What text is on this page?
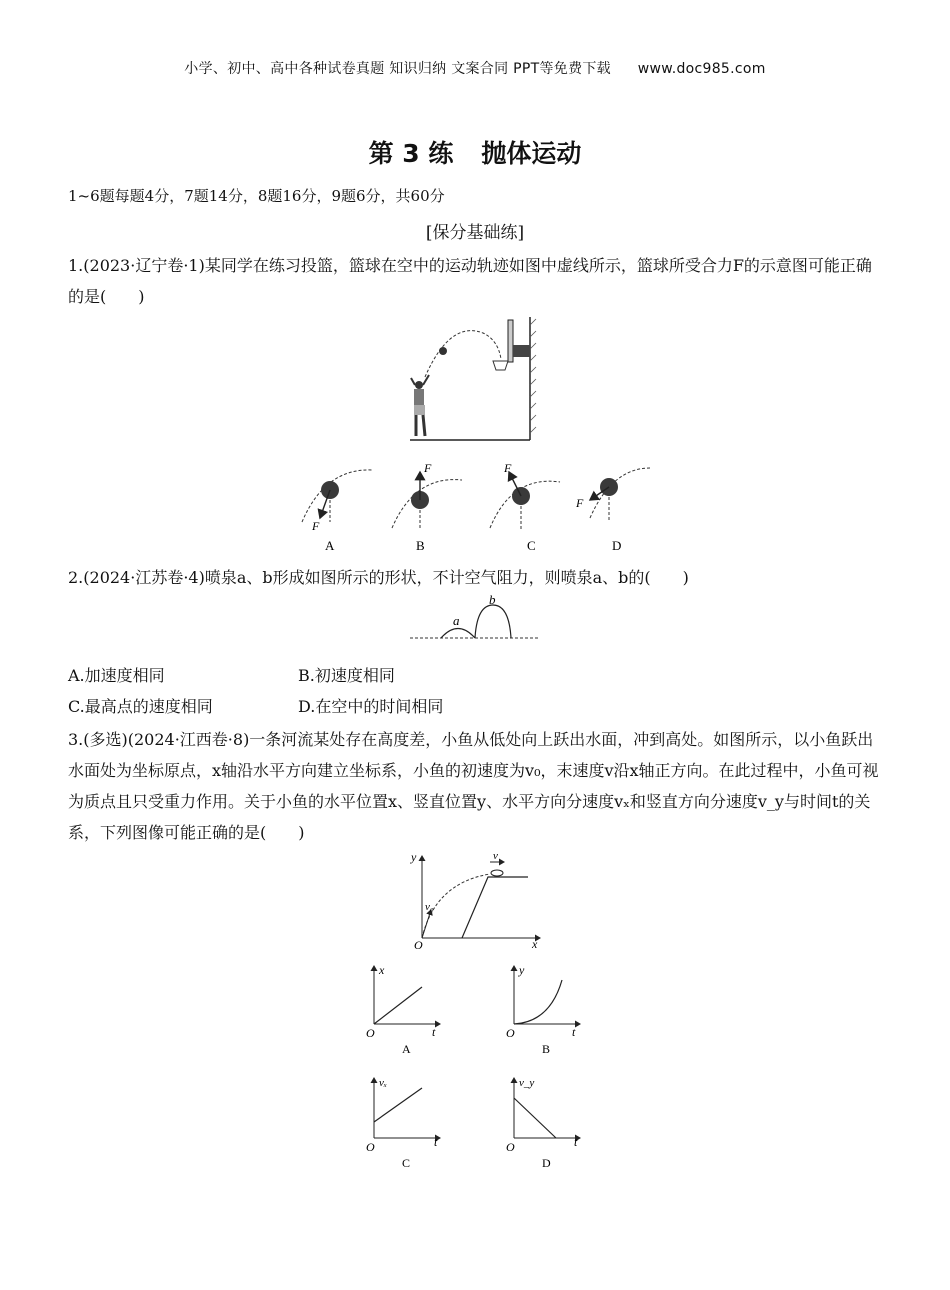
小学、初中、高中各种试卷真题 知识归纳 文案合同 PPT等免费下载 www.doc985.com
第 3 练 抛体运动
1~6题每题4分，7题14分，8题16分，9题6分，共60分
[保分基础练]
1.(2023·辽宁卷·1)某同学在练习投篮，篮球在空中的运动轨迹如图中虚线所示，篮球所受合力F的示意图可能正确的是(　　)
F
A
F
B
F
C
F
D
2.(2024·江苏卷·4)喷泉a、b形成如图所示的形状，不计空气阻力，则喷泉a、b的(　　)
a
b
A.加速度相同	B.初速度相同
C.最高点的速度相同	D.在空中的时间相同
3.(多选)(2024·江西卷·8)一条河流某处存在高度差，小鱼从低处向上跃出水面，冲到高处。如图所示，以小鱼跃出水面处为坐标原点，x轴沿水平方向建立坐标系，小鱼的初速度为v₀，末速度v沿x轴正方向。在此过程中，小鱼可视为质点且只受重力作用。关于小鱼的水平位置x、竖直位置y、水平方向分速度vₓ和竖直方向分速度v_y与时间t的关系，下列图像可能正确的是(　　)
y
x
O
v₀
v
x
t
O
A
y
t
O
B
vₓ
t
O
C
v_y
t
O
D
